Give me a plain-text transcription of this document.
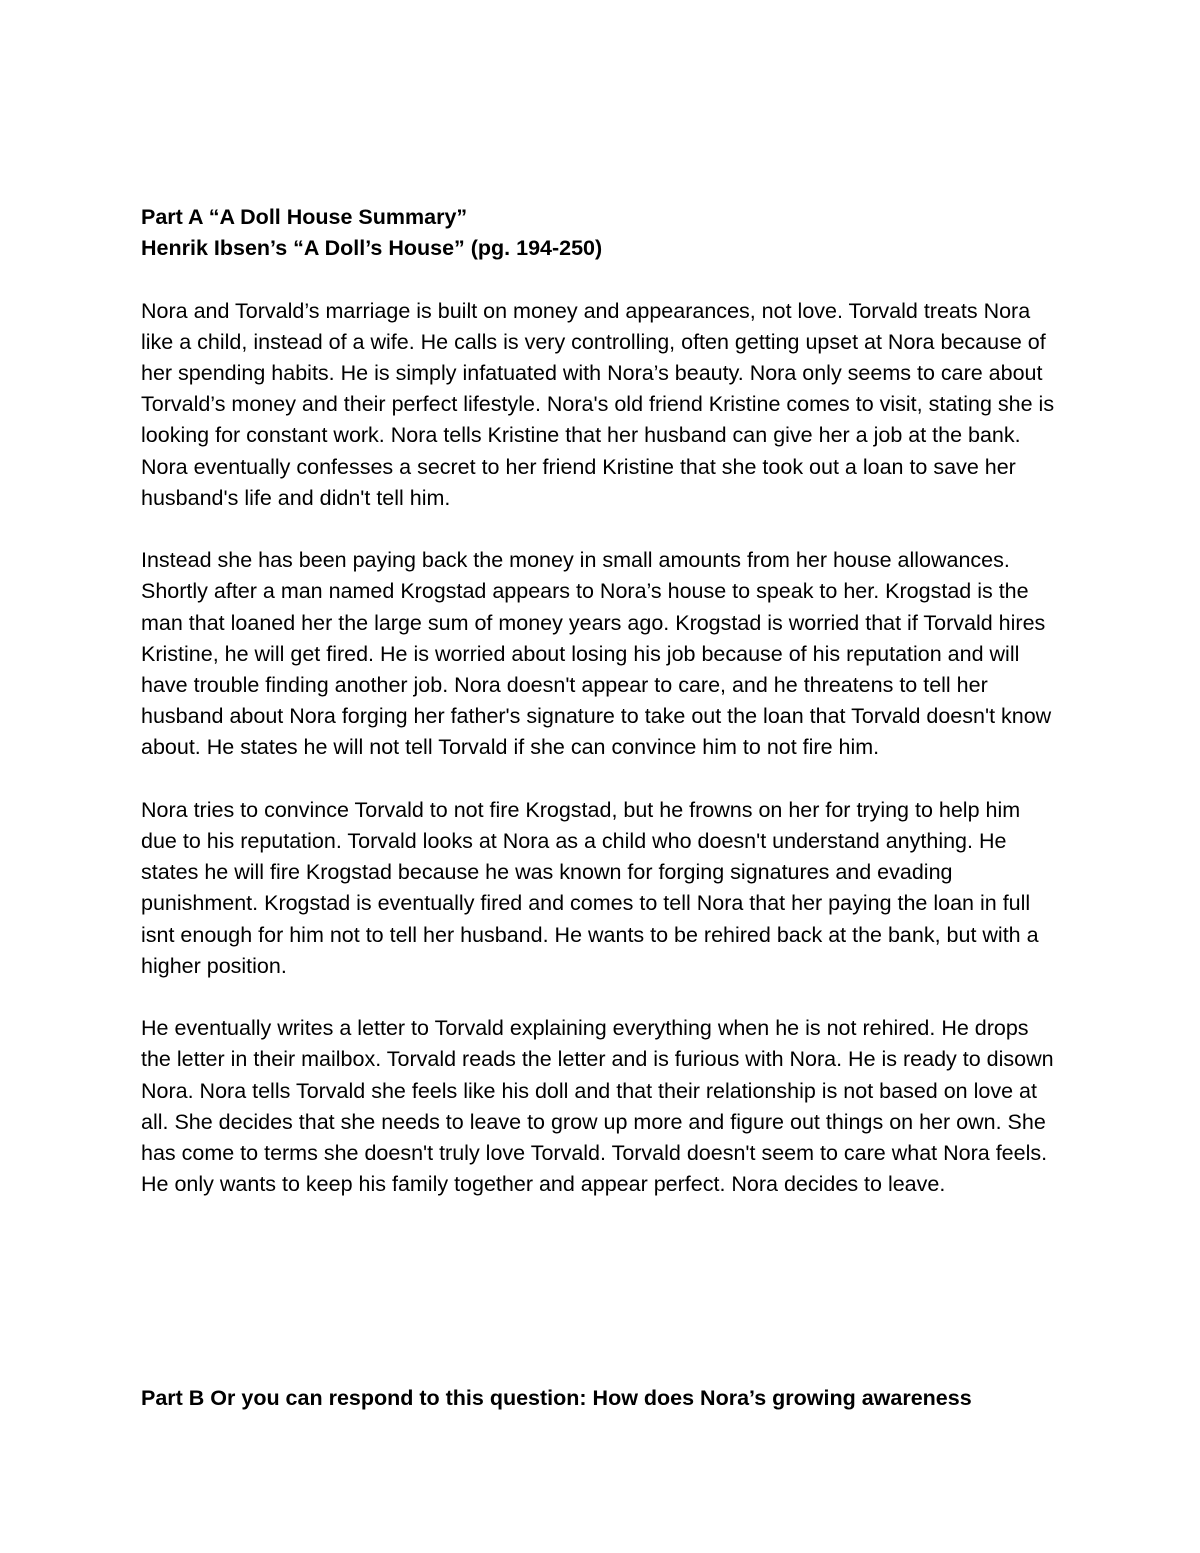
Part A “A Doll House Summary”

Henrik Ibsen’s “A Doll’s House” (pg. 194-250)

Nora and Torvald’s marriage is built on money and appearances, not love. Torvald treats Nora like a child, instead of a wife. He calls is very controlling, often getting upset at Nora because of her spending habits. He is simply infatuated with Nora’s beauty. Nora only seems to care about Torvald’s money and their perfect lifestyle. Nora's old friend Kristine comes to visit, stating she is looking for constant work. Nora tells Kristine that her husband can give her a job at the bank. Nora eventually confesses a secret to her friend Kristine that she took out a loan to save her husband's life and didn't tell him.

Instead she has been paying back the money in small amounts from her house allowances. Shortly after a man named Krogstad appears to Nora’s house to speak to her. Krogstad is the man that loaned her the large sum of money years ago. Krogstad is worried that if Torvald hires Kristine, he will get fired. He is worried about losing his job because of his reputation and will have trouble finding another job. Nora doesn't appear to care, and he threatens to tell her husband about Nora forging her father's signature to take out the loan that Torvald doesn't know about. He states he will not tell Torvald if she can convince him to not fire him.

Nora tries to convince Torvald to not fire Krogstad, but he frowns on her for trying to help him due to his reputation. Torvald looks at Nora as a child who doesn't understand anything. He states he will fire Krogstad because he was known for forging signatures and evading punishment. Krogstad is eventually fired and comes to tell Nora that her paying the loan in full isnt enough for him not to tell her husband. He wants to be rehired back at the bank, but with a higher position.

He eventually writes a letter to Torvald explaining everything when he is not rehired. He drops the letter in their mailbox. Torvald reads the letter and is furious with Nora. He is ready to disown Nora. Nora tells Torvald she feels like his doll and that their relationship is not based on love at all. She decides that she needs to leave to grow up more and figure out things on her own. She has come to terms she doesn't truly love Torvald. Torvald doesn't seem to care what Nora feels. He only wants to keep his family together and appear perfect. Nora decides to leave.

Part B Or you can respond to this question: How does Nora’s growing awareness
